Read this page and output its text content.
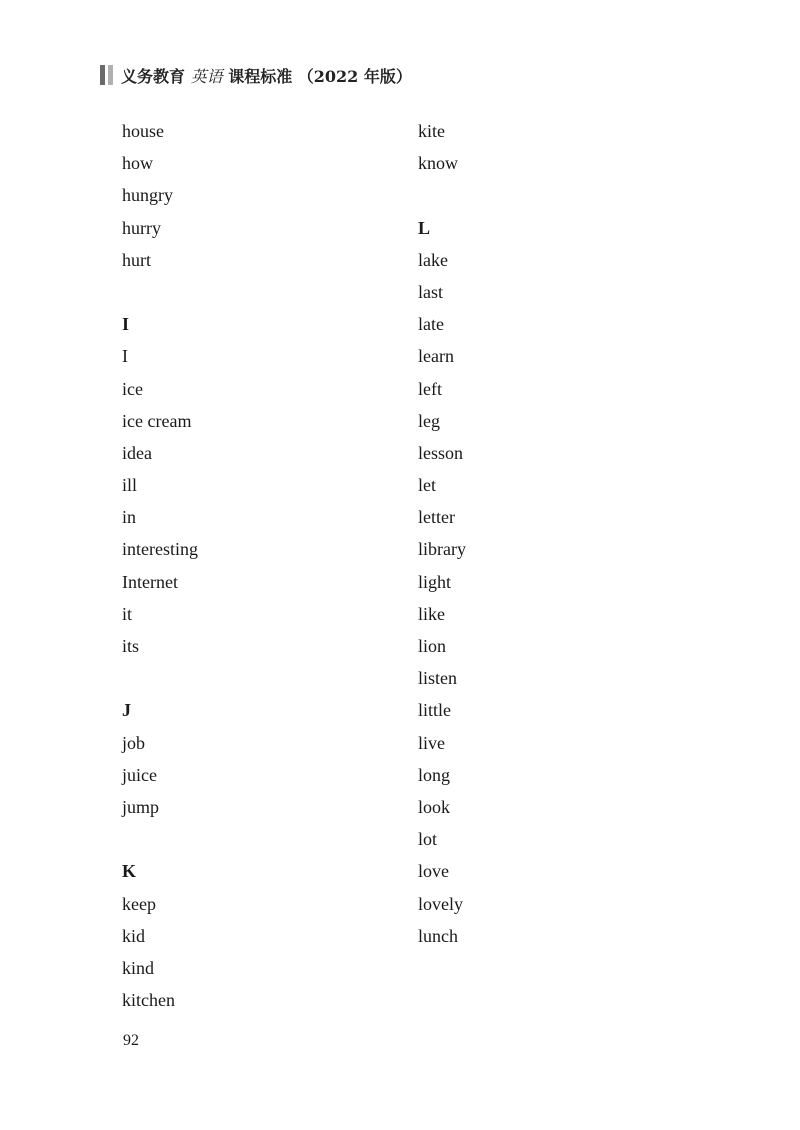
义务教育 英语 课程标准 （2022 年版）
house
how
hungry
hurry
hurt
I
I
ice
ice cream
idea
ill
in
interesting
Internet
it
its
J
job
juice
jump
K
keep
kid
kind
kitchen
kite
know
L
lake
last
late
learn
left
leg
lesson
let
letter
library
light
like
lion
listen
little
live
long
look
lot
love
lovely
lunch
92
